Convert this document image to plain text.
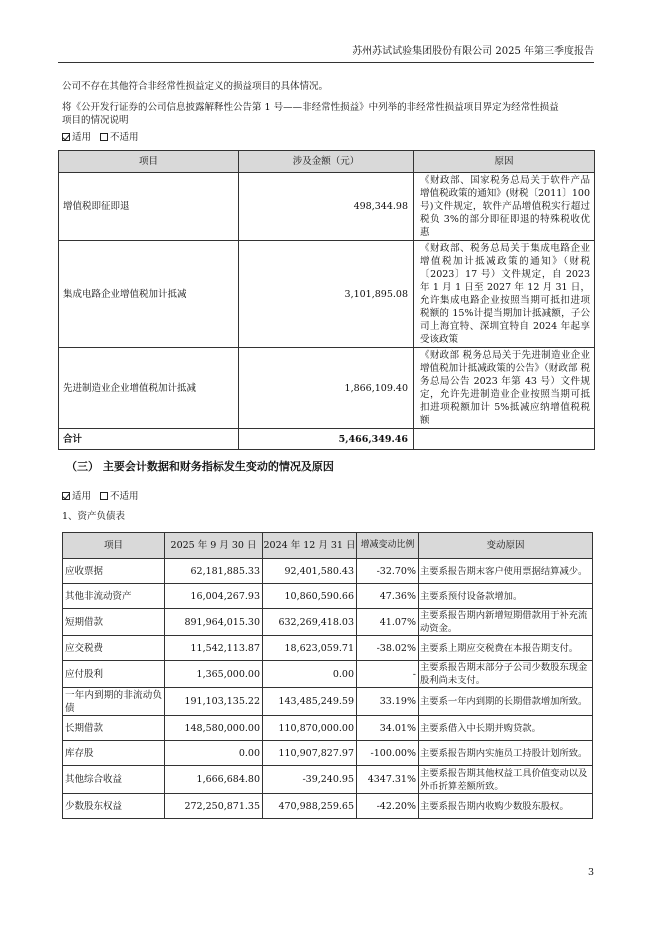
苏州苏试试验集团股份有限公司 2025 年第三季度报告
公司不存在其他符合非经常性损益定义的损益项目的具体情况。
将《公开发行证券的公司信息披露解释性公告第 1 号——非经常性损益》中列举的非经常性损益项目界定为经常性损益
项目的情况说明
适用 不适用
项目	涉及金额（元）	原因
增值税即征即退	498,344.98	《财政部、国家税务总局关于软件产品增值税政策的通知》(财税〔2011〕100 号)文件规定，软件产品增值税实行超过税负 3%的部分即征即退的特殊税收优惠
集成电路企业增值税加计抵减	3,101,895.08	《财政部、税务总局关于集成电路企业增值税加计抵减政策的通知》（财税〔2023〕17 号）文件规定，自 2023 年 1 月 1 日至 2027 年 12 月 31 日，允许集成电路企业按照当期可抵扣进项税额的 15%计提当期加计抵减额，子公司上海宜特、深圳宜特自 2024 年起享受该政策
先进制造业企业增值税加计抵减	1,866,109.40	《财政部 税务总局关于先进制造业企业增值税加计抵减政策的公告》（财政部 税务总局公告 2023 年第 43 号）文件规定，允许先进制造业企业按照当期可抵扣进项税额加计 5%抵减应纳增值税税额
合计	5,466,349.46	
（三） 主要会计数据和财务指标发生变动的情况及原因
适用 不适用
1、资产负债表
项目	2025 年 9 月 30 日	2024 年 12 月 31 日	增减变动比例	变动原因
应收票据	62,181,885.33	92,401,580.43	-32.70%	主要系报告期末客户使用票据结算减少。
其他非流动资产	16,004,267.93	10,860,590.66	47.36%	主要系预付设备款增加。
短期借款	891,964,015.30	632,269,418.03	41.07%	主要系报告期内新增短期借款用于补充流动资金。
应交税费	11,542,113.87	18,623,059.71	-38.02%	主要系上期应交税费在本报告期支付。
应付股利	1,365,000.00	0.00	-	主要系报告期末部分子公司少数股东现金股利尚未支付。
一年内到期的非流动负债	191,103,135.22	143,485,249.59	33.19%	主要系一年内到期的长期借款增加所致。
长期借款	148,580,000.00	110,870,000.00	34.01%	主要系借入中长期并购贷款。
库存股	0.00	110,907,827.97	-100.00%	主要系报告期内实施员工持股计划所致。
其他综合收益	1,666,684.80	-39,240.95	4347.31%	主要系报告期其他权益工具价值变动以及外币折算差额所致。
少数股东权益	272,250,871.35	470,988,259.65	-42.20%	主要系报告期内收购少数股东股权。
3
